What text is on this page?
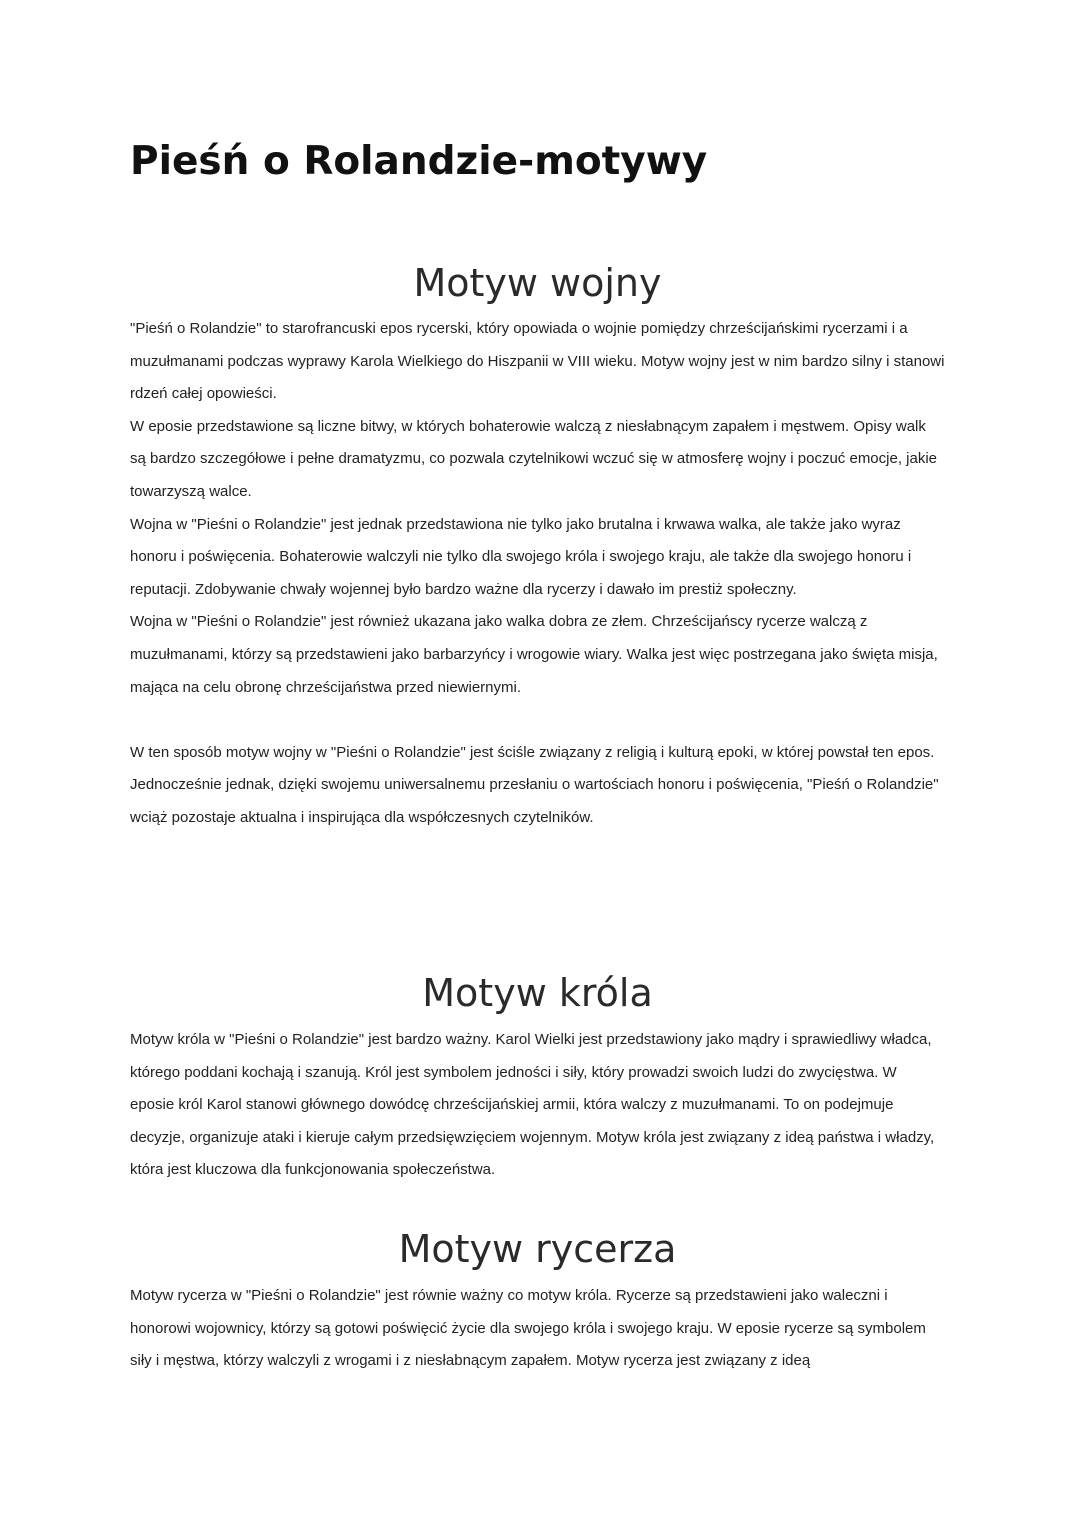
Pieśń o Rolandzie-motywy
Motyw wojny

"Pieśń o Rolandzie" to starofrancuski epos rycerski, który opowiada o wojnie pomiędzy chrześcijańskimi rycerzami i a muzułmanami podczas wyprawy Karola Wielkiego do Hiszpanii w VIII wieku. Motyw wojny jest w nim bardzo silny i stanowi rdzeń całej opowieści.

W eposie przedstawione są liczne bitwy, w których bohaterowie walczą z niesłabnącym zapałem i męstwem. Opisy walk są bardzo szczegółowe i pełne dramatyzmu, co pozwala czytelnikowi wczuć się w atmosferę wojny i poczuć emocje, jakie towarzyszą walce.

Wojna w "Pieśni o Rolandzie" jest jednak przedstawiona nie tylko jako brutalna i krwawa walka, ale także jako wyraz honoru i poświęcenia. Bohaterowie walczyli nie tylko dla swojego króla i swojego kraju, ale także dla swojego honoru i reputacji. Zdobywanie chwały wojennej było bardzo ważne dla rycerzy i dawało im prestiż społeczny.

Wojna w "Pieśni o Rolandzie" jest również ukazana jako walka dobra ze złem. Chrześcijańscy rycerze walczą z muzułmanami, którzy są przedstawieni jako barbarzyńcy i wrogowie wiary. Walka jest więc postrzegana jako święta misja, mająca na celu obronę chrześcijaństwa przed niewiernymi.

W ten sposób motyw wojny w "Pieśni o Rolandzie" jest ściśle związany z religią i kulturą epoki, w której powstał ten epos. Jednocześnie jednak, dzięki swojemu uniwersalnemu przesłaniu o wartościach honoru i poświęcenia, "Pieśń o Rolandzie" wciąż pozostaje aktualna i inspirująca dla współczesnych czytelników.

Motyw króla

Motyw króla w "Pieśni o Rolandzie" jest bardzo ważny. Karol Wielki jest przedstawiony jako mądry i sprawiedliwy władca, którego poddani kochają i szanują. Król jest symbolem jedności i siły, który prowadzi swoich ludzi do zwycięstwa. W eposie król Karol stanowi głównego dowódcę chrześcijańskiej armii, która walczy z muzułmanami. To on podejmuje decyzje, organizuje ataki i kieruje całym przedsięwzięciem wojennym. Motyw króla jest związany z ideą państwa i władzy, która jest kluczowa dla funkcjonowania społeczeństwa.

Motyw rycerza

Motyw rycerza w "Pieśni o Rolandzie" jest równie ważny co motyw króla. Rycerze są przedstawieni jako waleczni i honorowi wojownicy, którzy są gotowi poświęcić życie dla swojego króla i swojego kraju. W eposie rycerze są symbolem siły i męstwa, którzy walczyli z wrogami i z niesłabnącym zapałem. Motyw rycerza jest związany z ideą
